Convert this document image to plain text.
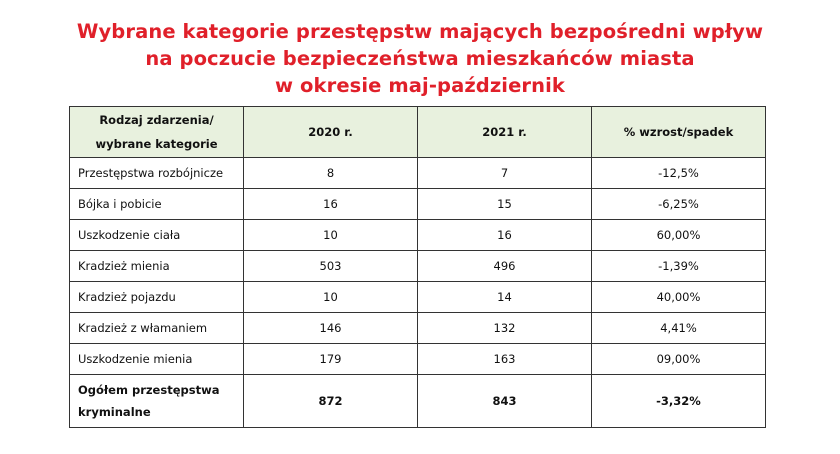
Wybrane kategorie przestępstw mających bezpośredni wpływ
na poczucie bezpieczeństwa mieszkańców miasta
w okresie maj-październik
Rodzaj zdarzenia/
wybrane kategorie	2020 r.	2021 r.	% wzrost/spadek
Przestępstwa rozbójnicze	8	7	-12,5%
Bójka i pobicie	16	15	-6,25%
Uszkodzenie ciała	10	16	60,00%
Kradzież mienia	503	496	-1,39%
Kradzież pojazdu	10	14	40,00%
Kradzież z włamaniem	146	132	4,41%
Uszkodzenie mienia	179	163	09,00%

Ogółem przestępstwa
kryminalne	872	843	-3,32%
